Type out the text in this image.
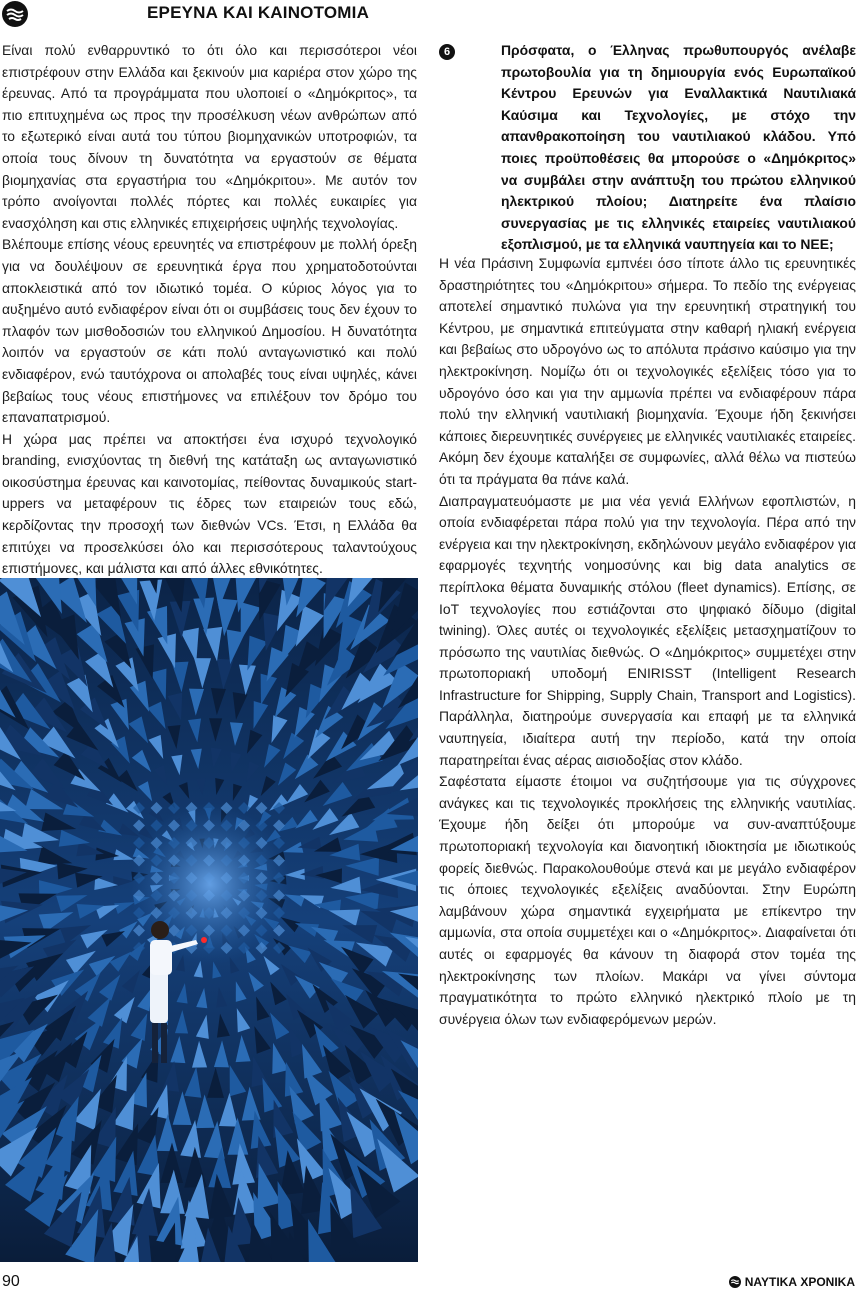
ΕΡΕΥΝΑ ΚΑΙ ΚΑΙΝΟΤΟΜΙΑ

Είναι πολύ ενθαρρυντικό το ότι όλο και περισσότεροι νέοι επιστρέφουν στην Ελλάδα και ξεκινούν μια καριέρα στον χώρο της έρευνας. Από τα προγράμματα που υλοποιεί ο «Δημόκριτος», τα πιο επιτυχημένα ως προς την προσέλκυση νέων ανθρώπων από το εξωτερικό είναι αυτά του τύπου βιομηχανικών υποτροφιών, τα οποία τους δίνουν τη δυνατότητα να εργαστούν σε θέματα βιομηχανίας στα εργαστήρια του «Δημόκριτου». Με αυτόν τον τρόπο ανοίγονται πολλές πόρτες και πολλές ευκαιρίες για ενασχόληση και στις ελληνικές επιχειρήσεις υψηλής τεχνολογίας.

Βλέπουμε επίσης νέους ερευνητές να επιστρέφουν με πολλή όρεξη για να δουλέψουν σε ερευνητικά έργα που χρηματοδοτούνται αποκλειστικά από τον ιδιωτικό τομέα. Ο κύριος λόγος για το αυξημένο αυτό ενδιαφέρον είναι ότι οι συμβάσεις τους δεν έχουν το πλαφόν των μισθοδοσιών του ελληνικού Δημοσίου. Η δυνατότητα λοιπόν να εργαστούν σε κάτι πολύ ανταγωνιστικό και πολύ ενδιαφέρον, ενώ ταυτόχρονα οι απολαβές τους είναι υψηλές, κάνει βεβαίως τους νέους επιστήμονες να επιλέξουν τον δρόμο του επαναπατρισμού.

Η χώρα μας πρέπει να αποκτήσει ένα ισχυρό τεχνολογικό branding, ενισχύοντας τη διεθνή της κατάταξη ως ανταγωνιστικό οικοσύστημα έρευνας και καινοτομίας, πείθοντας δυναμικούς start-uppers να μεταφέρουν τις έδρες των εταιρειών τους εδώ, κερδίζοντας την προσοχή των διεθνών VCs. Έτσι, η Ελλάδα θα επιτύχει να προσελκύσει όλο και περισσότερους ταλαντούχους επιστήμονες, και μάλιστα και από άλλες εθνικότητες.

6	Πρόσφατα, ο Έλληνας πρωθυπουργός ανέλαβε πρωτοβουλία για τη δημιουργία ενός Ευρωπαϊκού Κέντρου Ερευνών για Εναλλακτικά Ναυτιλιακά Καύσιμα και Τεχνολογίες, με στόχο την απανθρακοποίηση του ναυτιλιακού κλάδου. Υπό ποιες προϋποθέσεις θα μπορούσε ο «Δημόκριτος» να συμβάλει στην ανάπτυξη του πρώτου ελληνικού ηλεκτρικού πλοίου; Διατηρείτε ένα πλαίσιο συνεργασίας με τις ελληνικές εταιρείες ναυτιλιακού εξοπλισμού, με τα ελληνικά ναυπηγεία και το ΝΕΕ;

Η νέα Πράσινη Συμφωνία εμπνέει όσο τίποτε άλλο τις ερευνητικές δραστηριότητες του «Δημόκριτου» σήμερα. Το πεδίο της ενέργειας αποτελεί σημαντικό πυλώνα για την ερευνητική στρατηγική του Κέντρου, με σημαντικά επιτεύγματα στην καθαρή ηλιακή ενέργεια και βεβαίως στο υδρογόνο ως το απόλυτα πράσινο καύσιμο για την ηλεκτροκίνηση. Νομίζω ότι οι τεχνολογικές εξελίξεις τόσο για το υδρογόνο όσο και για την αμμωνία πρέπει να ενδιαφέρουν πάρα πολύ την ελληνική ναυτιλιακή βιομηχανία. Έχουμε ήδη ξεκινήσει κάποιες διερευνητικές συνέργειες με ελληνικές ναυτιλιακές εταιρείες. Ακόμη δεν έχουμε καταλήξει σε συμφωνίες, αλλά θέλω να πιστεύω ότι τα πράγματα θα πάνε καλά.

Διαπραγματευόμαστε με μια νέα γενιά Ελλήνων εφοπλιστών, η οποία ενδιαφέρεται πάρα πολύ για την τεχνολογία. Πέρα από την ενέργεια και την ηλεκτροκίνηση, εκδηλώνουν μεγάλο ενδιαφέρον για εφαρμογές τεχνητής νοημοσύνης και big data analytics σε περίπλοκα θέματα δυναμικής στόλου (fleet dynamics). Επίσης, σε IoT τεχνολογίες που εστιάζονται στο ψηφιακό δίδυμο (digital twining). Όλες αυτές οι τεχνολογικές εξελίξεις μετασχηματίζουν το πρόσωπο της ναυτιλίας διεθνώς. Ο «Δημόκριτος» συμμετέχει στην πρωτοποριακή υποδομή ENIRISST (Intelligent Research Infrastructure for Shipping, Supply Chain, Transport and Logistics). Παράλληλα, διατηρούμε συνεργασία και επαφή με τα ελληνικά ναυπηγεία, ιδιαίτερα αυτή την περίοδο, κατά την οποία παρατηρείται ένας αέρας αισιοδοξίας στον κλάδο.

Σαφέστατα είμαστε έτοιμοι να συζητήσουμε για τις σύγχρονες ανάγκες και τις τεχνολογικές προκλήσεις της ελληνικής ναυτιλίας. Έχουμε ήδη δείξει ότι μπορούμε να συν-αναπτύξουμε πρωτοποριακή τεχνολογία και διανοητική ιδιοκτησία με ιδιωτικούς φορείς διεθνώς. Παρακολουθούμε στενά και με μεγάλο ενδιαφέρον τις όποιες τεχνολογικές εξελίξεις αναδύονται. Στην Ευρώπη λαμβάνουν χώρα σημαντικά εγχειρήματα με επίκεντρο την αμμωνία, στα οποία συμμετέχει και ο «Δημόκριτος». Διαφαίνεται ότι αυτές οι εφαρμογές θα κάνουν τη διαφορά στον τομέα της ηλεκτροκίνησης των πλοίων. Μακάρι να γίνει σύντομα πραγματικότητα το πρώτο ελληνικό ηλεκτρικό πλοίο με τη συνέργεια όλων των ενδιαφερόμενων μερών.

90	ΝΑΥΤΙΚΑ ΧΡΟΝΙΚΑ
